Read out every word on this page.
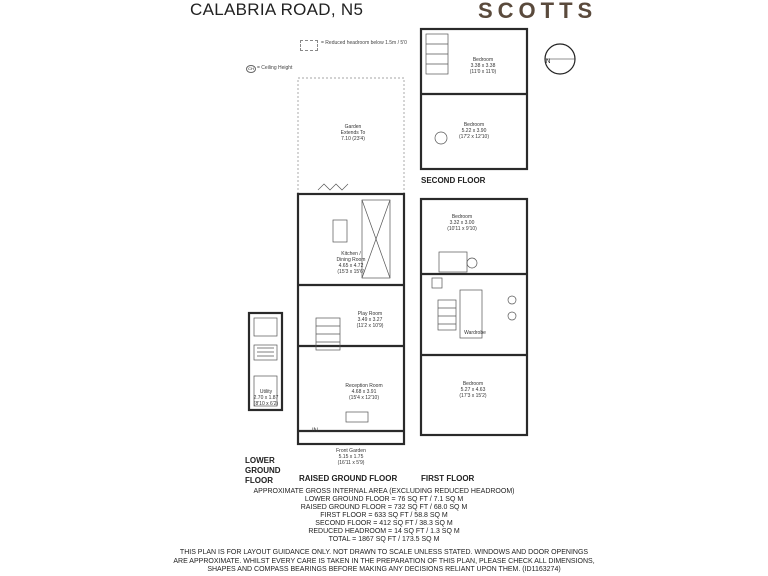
CALABRIA ROAD, N5	SCOTTS
= Reduced headroom below 1.5m / 5'0
CH = Ceiling Height
N
Utility
2.70 x 1.87
(8'10 x 6'2)
Garden
Extends To
7.10 (23'4)
Kitchen /
Dining Room
4.65 x 4.72
(15'3 x 15'6)
Play Room
3.49 x 3.27
(11'2 x 10'9)
Reception Room
4.68 x 3.91
(15'4 x 12'10)
Front Garden
5.15 x 1.75
(16'11 x 5'9)
IN
Bedroom
3.32 x 3.00
(10'11 x 9'10)
Wardrobe
Bedroom
5.27 x 4.63
(17'3 x 15'2)
Bedroom
3.38 x 3.38
(11'0 x 11'0)
Bedroom
5.22 x 3.90
(17'2 x 12'10)
LOWER
GROUND
FLOOR	RAISED GROUND FLOOR	FIRST FLOOR
SECOND FLOOR
APPROXIMATE GROSS INTERNAL AREA (EXCLUDING REDUCED HEADROOM)
LOWER GROUND FLOOR = 76 SQ FT / 7.1 SQ M
RAISED GROUND FLOOR = 732 SQ FT / 68.0 SQ M
FIRST FLOOR = 633 SQ FT / 58.8 SQ M
SECOND FLOOR = 412 SQ FT / 38.3 SQ M
REDUCED HEADROOM = 14 SQ FT / 1.3 SQ M
TOTAL = 1867 SQ FT / 173.5 SQ M
THIS PLAN IS FOR LAYOUT GUIDANCE ONLY. NOT DRAWN TO SCALE UNLESS STATED. WINDOWS AND DOOR OPENINGS
ARE APPROXIMATE. WHILST EVERY CARE IS TAKEN IN THE PREPARATION OF THIS PLAN, PLEASE CHECK ALL DIMENSIONS,
SHAPES AND COMPASS BEARINGS BEFORE MAKING ANY DECISIONS RELIANT UPON THEM. (ID1163274)
